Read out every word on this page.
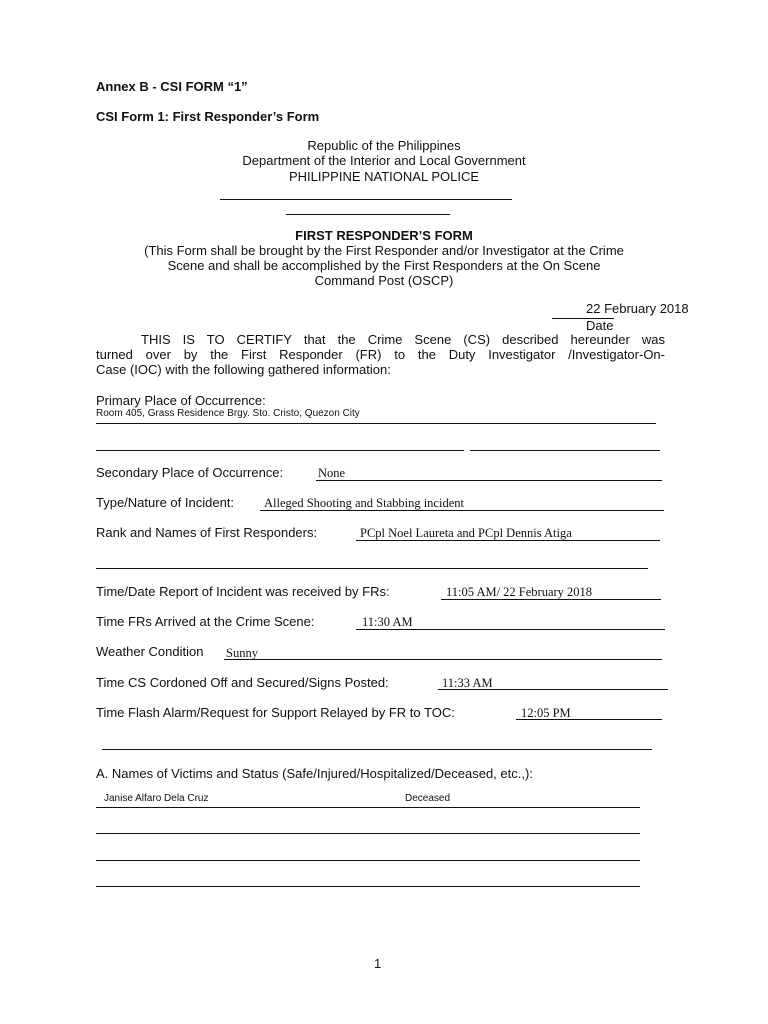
Annex B - CSI FORM “1”
CSI Form 1: First Responder’s Form
Republic of the Philippines
Department of the Interior and Local Government
PHILIPPINE NATIONAL POLICE
FIRST RESPONDER’S FORM
(This Form shall be brought by the First Responder and/or Investigator at the Crime
Scene and shall be accomplished by the First Responders at the On Scene
Command Post (OSCP)
22 February 2018
Date
THIS IS TO CERTIFY that the Crime Scene (CS) described hereunder was
turned over by the First Responder (FR) to the Duty Investigator /Investigator-On-
Case (IOC) with the following gathered information:
Primary Place of Occurrence:
Room 405, Grass Residence Brgy. Sto. Cristo, Quezon City
Secondary Place of Occurrence:	None
Type/Nature of Incident: Alleged Shooting and Stabbing incident
Rank and Names of First Responders:	PCpl Noel Laureta and PCpl Dennis Atiga
Time/Date Report of Incident was received by FRs:	11:05 AM/ 22 February 2018
Time FRs Arrived at the Crime Scene:	11:30 AM
Weather Condition Sunny
Time CS Cordoned Off and Secured/Signs Posted:	11:33 AM
Time Flash Alarm/Request for Support Relayed by FR to TOC:	12:05 PM
A. Names of Victims and Status (Safe/Injured/Hospitalized/Deceased, etc.,):
Janise Alfaro Dela Cruz	Deceased
1
